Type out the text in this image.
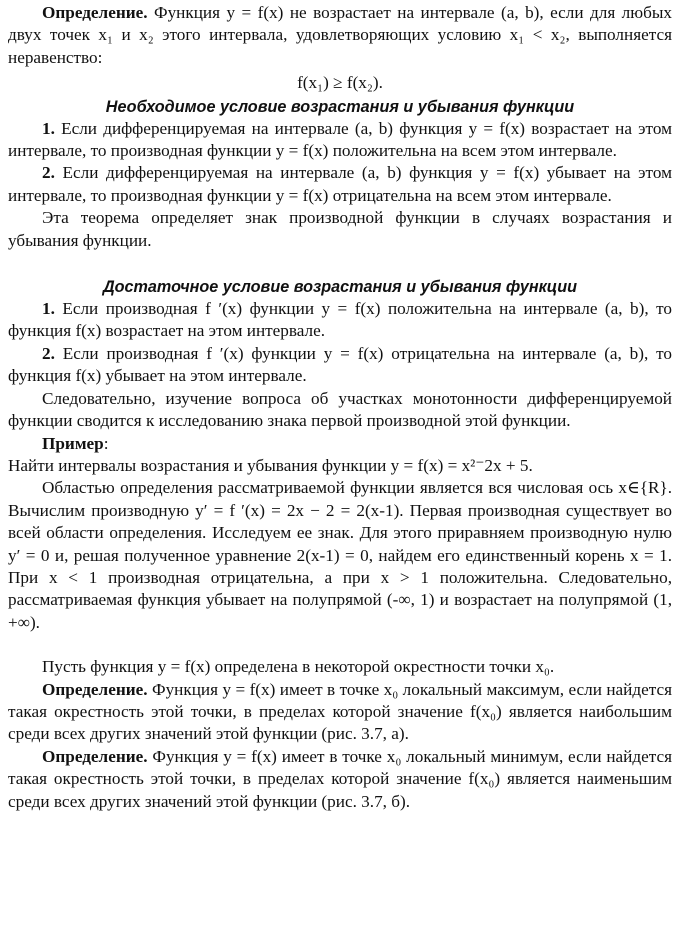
Определение. Функция y = f(x) не возрастает на интервале (a, b), если для любых двух точек x₁ и x₂ этого интервала, удовлетворяющих условию x₁ < x₂, выполняется неравенство:

f(x₁) ≥ f(x₂).
Необходимое условие возрастания и убывания функции

1. Если дифференцируемая на интервале (a, b) функция y = f(x) возрастает на этом интервале, то производная функции y = f(x) положительна на всем этом интервале.

2. Если дифференцируемая на интервале (a, b) функция y = f(x) убывает на этом интервале, то производная функции y = f(x) отрицательна на всем этом интервале.

Эта теорема определяет знак производной функции в случаях возрастания и убывания функции.

Достаточное условие возрастания и убывания функции

1. Если производная f ′(x) функции y = f(x) положительна на интервале (a, b), то функция f(x) возрастает на этом интервале.

2. Если производная f ′(x) функции y = f(x) отрицательна на интервале (a, b), то функция f(x) убывает на этом интервале.

Следовательно, изучение вопроса об участках монотонности дифференцируемой функции сводится к исследованию знака первой производной этой функции.

Пример:

Найти интервалы возрастания и убывания функции y = f(x) = x²⁻2x + 5.

Областью определения рассматриваемой функции является вся числовая ось x∈{R}. Вычислим производную y′ = f ′(x) = 2x − 2 = 2(x-1). Первая производная существует во всей области определения. Исследуем ее знак. Для этого приравняем производную нулю y′ = 0 и, решая полученное уравнение 2(x-1) = 0, найдем его единственный корень x = 1. При x < 1 производная отрицательна, а при x > 1 положительна. Следовательно, рассматриваемая функция убывает на полупрямой (-∞, 1) и возрастает на полупрямой (1, +∞).

Пусть функция y = f(x) определена в некоторой окрестности точки x₀.

Определение. Функция y = f(x) имеет в точке x₀ локальный максимум, если найдется такая окрестность этой точки, в пределах которой значение f(x₀) является наибольшим среди всех других значений этой функции (рис. 3.7, а).

Определение. Функция y = f(x) имеет в точке x₀ локальный минимум, если найдется такая окрестность этой точки, в пределах которой значение f(x₀) является наименьшим среди всех других значений этой функции (рис. 3.7, б).
